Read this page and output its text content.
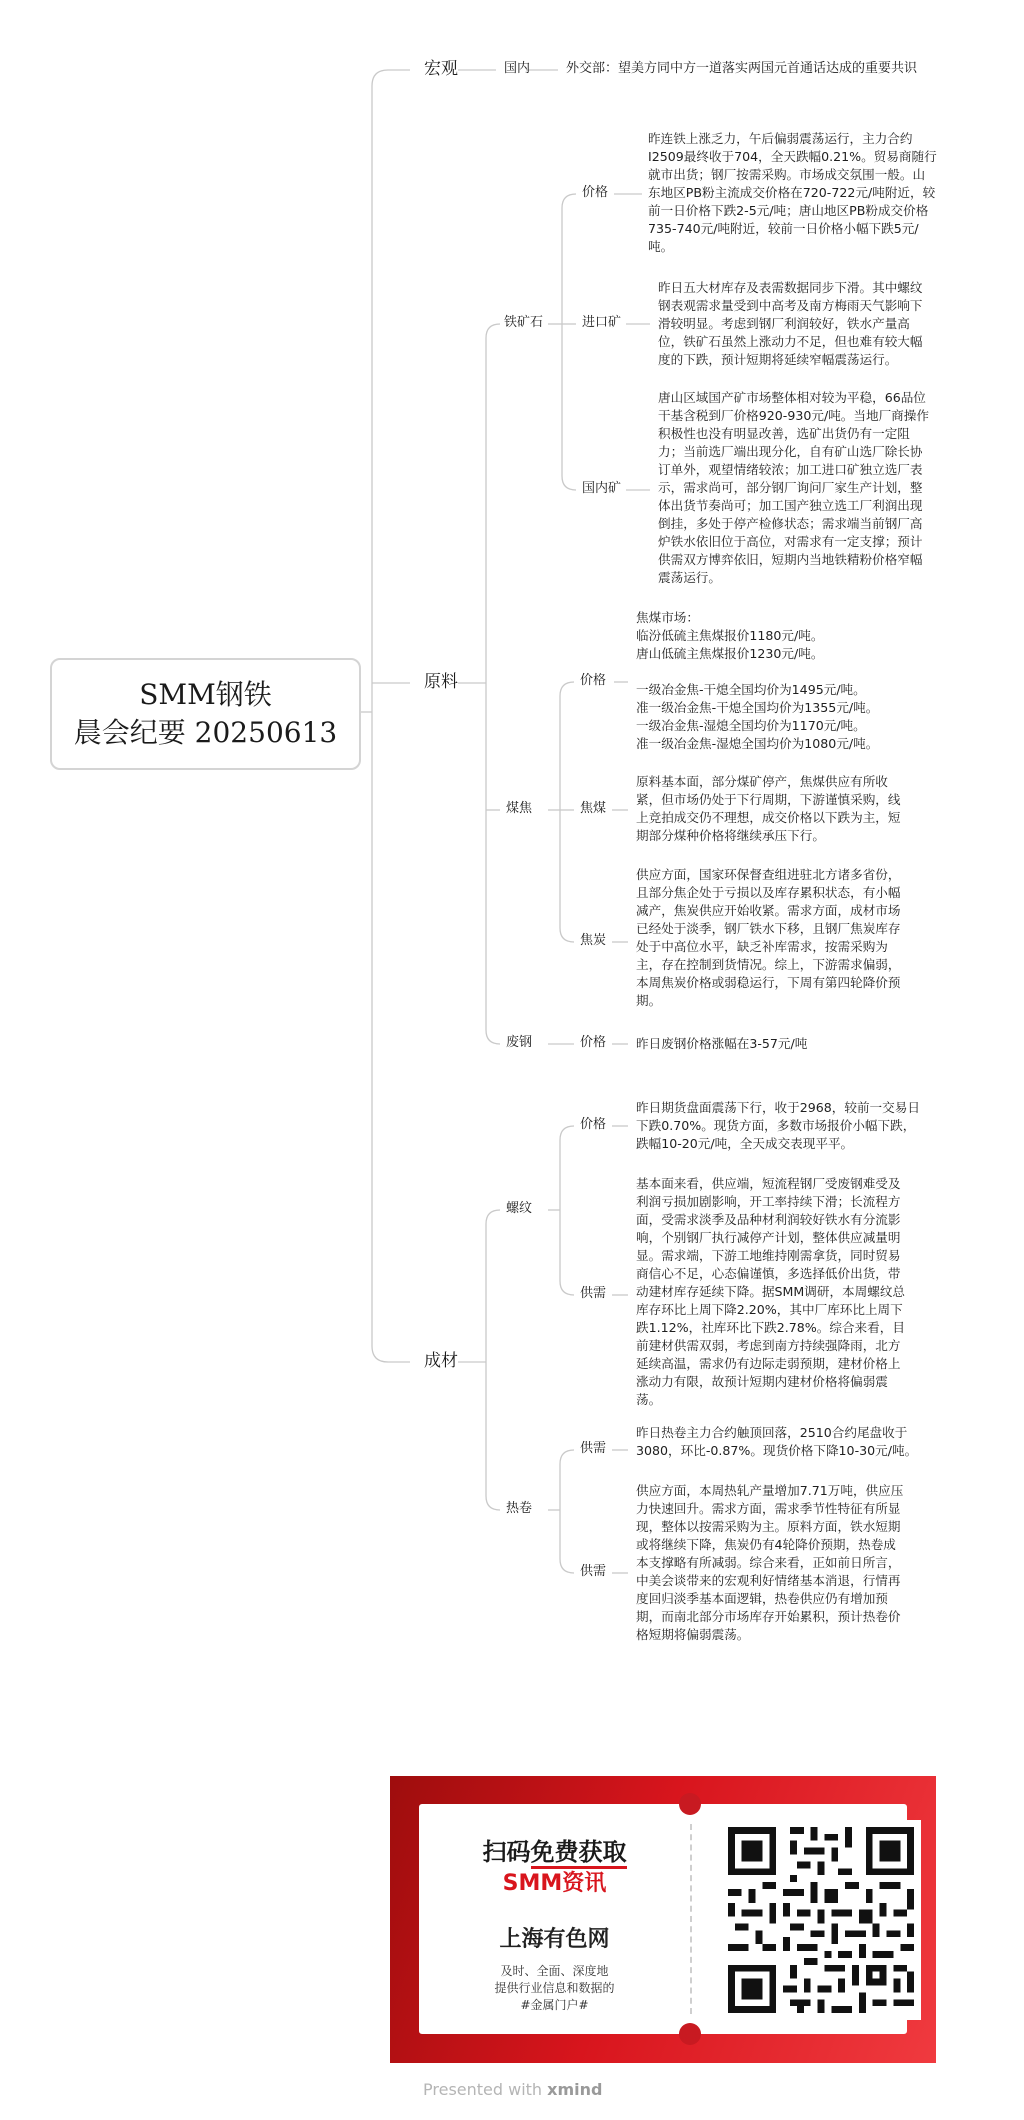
SMM钢铁
晨会纪要 20250613
宏观
原料
成材
国内	外交部：望美方同中方一道落实两国元首通话达成的重要共识
铁矿石
价格
进口矿
国内矿
昨连铁上涨乏力，午后偏弱震荡运行，主力合约
I2509最终收于704，全天跌幅0.21%。贸易商随行
就市出货；钢厂按需采购。市场成交氛围一般。山
东地区PB粉主流成交价格在720-722元/吨附近，较
前一日价格下跌2-5元/吨；唐山地区PB粉成交价格
735-740元/吨附近，较前一日价格小幅下跌5元/
吨。
昨日五大材库存及表需数据同步下滑。其中螺纹
钢表观需求量受到中高考及南方梅雨天气影响下
滑较明显。考虑到钢厂利润较好，铁水产量高
位，铁矿石虽然上涨动力不足，但也难有较大幅
度的下跌，预计短期将延续窄幅震荡运行。
唐山区域国产矿市场整体相对较为平稳，66品位
干基含税到厂价格920-930元/吨。当地厂商操作
积极性也没有明显改善，选矿出货仍有一定阻
力；当前选厂端出现分化，自有矿山选厂除长协
订单外，观望情绪较浓；加工进口矿独立选厂表
示，需求尚可，部分钢厂询问厂家生产计划，整
体出货节奏尚可；加工国产独立选工厂利润出现
倒挂，多处于停产检修状态；需求端当前钢厂高
炉铁水依旧位于高位，对需求有一定支撑；预计
供需双方博弈依旧，短期内当地铁精粉价格窄幅
震荡运行。
煤焦
价格
焦煤
焦炭
焦煤市场：
临汾低硫主焦煤报价1180元/吨。
唐山低硫主焦煤报价1230元/吨。

一级冶金焦-干熄全国均价为1495元/吨。
准一级冶金焦-干熄全国均价为1355元/吨。
一级冶金焦-湿熄全国均价为1170元/吨。
准一级冶金焦-湿熄全国均价为1080元/吨。
原料基本面，部分煤矿停产，焦煤供应有所收
紧，但市场仍处于下行周期，下游谨慎采购，线
上竞拍成交仍不理想，成交价格以下跌为主，短
期部分煤种价格将继续承压下行。
供应方面，国家环保督查组进驻北方诸多省份，
且部分焦企处于亏损以及库存累积状态，有小幅
减产，焦炭供应开始收紧。需求方面，成材市场
已经处于淡季，钢厂铁水下移，且钢厂焦炭库存
处于中高位水平，缺乏补库需求，按需采购为
主，存在控制到货情况。综上，下游需求偏弱，
本周焦炭价格或弱稳运行，下周有第四轮降价预
期。
废钢	价格 昨日废钢价格涨幅在3-57元/吨
螺纹
价格
供需
昨日期货盘面震荡下行，收于2968，较前一交易日
下跌0.70%。现货方面，多数市场报价小幅下跌，
跌幅10-20元/吨，全天成交表现平平。
基本面来看，供应端，短流程钢厂受废钢难受及
利润亏损加剧影响，开工率持续下滑；长流程方
面，受需求淡季及品种材利润较好铁水有分流影
响，个别钢厂执行减停产计划，整体供应减量明
显。需求端，下游工地维持刚需拿货，同时贸易
商信心不足，心态偏谨慎，多选择低价出货，带
动建材库存延续下降。据SMM调研，本周螺纹总
库存环比上周下降2.20%，其中厂库环比上周下
跌1.12%，社库环比下跌2.78%。综合来看，目
前建材供需双弱，考虑到南方持续强降雨，北方
延续高温，需求仍有边际走弱预期，建材价格上
涨动力有限，故预计短期内建材价格将偏弱震
荡。
热卷
供需
供需
昨日热卷主力合约触顶回落，2510合约尾盘收于
3080，环比-0.87%。现货价格下降10-30元/吨。
供应方面，本周热轧产量增加7.71万吨，供应压
力快速回升。需求方面，需求季节性特征有所显
现，整体以按需采购为主。原料方面，铁水短期
或将继续下降，焦炭仍有4轮降价预期，热卷成
本支撑略有所减弱。综合来看，正如前日所言，
中美会谈带来的宏观利好情绪基本消退，行情再
度回归淡季基本面逻辑，热卷供应仍有增加预
期，而南北部分市场库存开始累积，预计热卷价
格短期将偏弱震荡。
扫码免费获取
SMM资讯
上海有色网
及时、全面、深度地
提供行业信息和数据的
#金属门户#
Presented with xmind
